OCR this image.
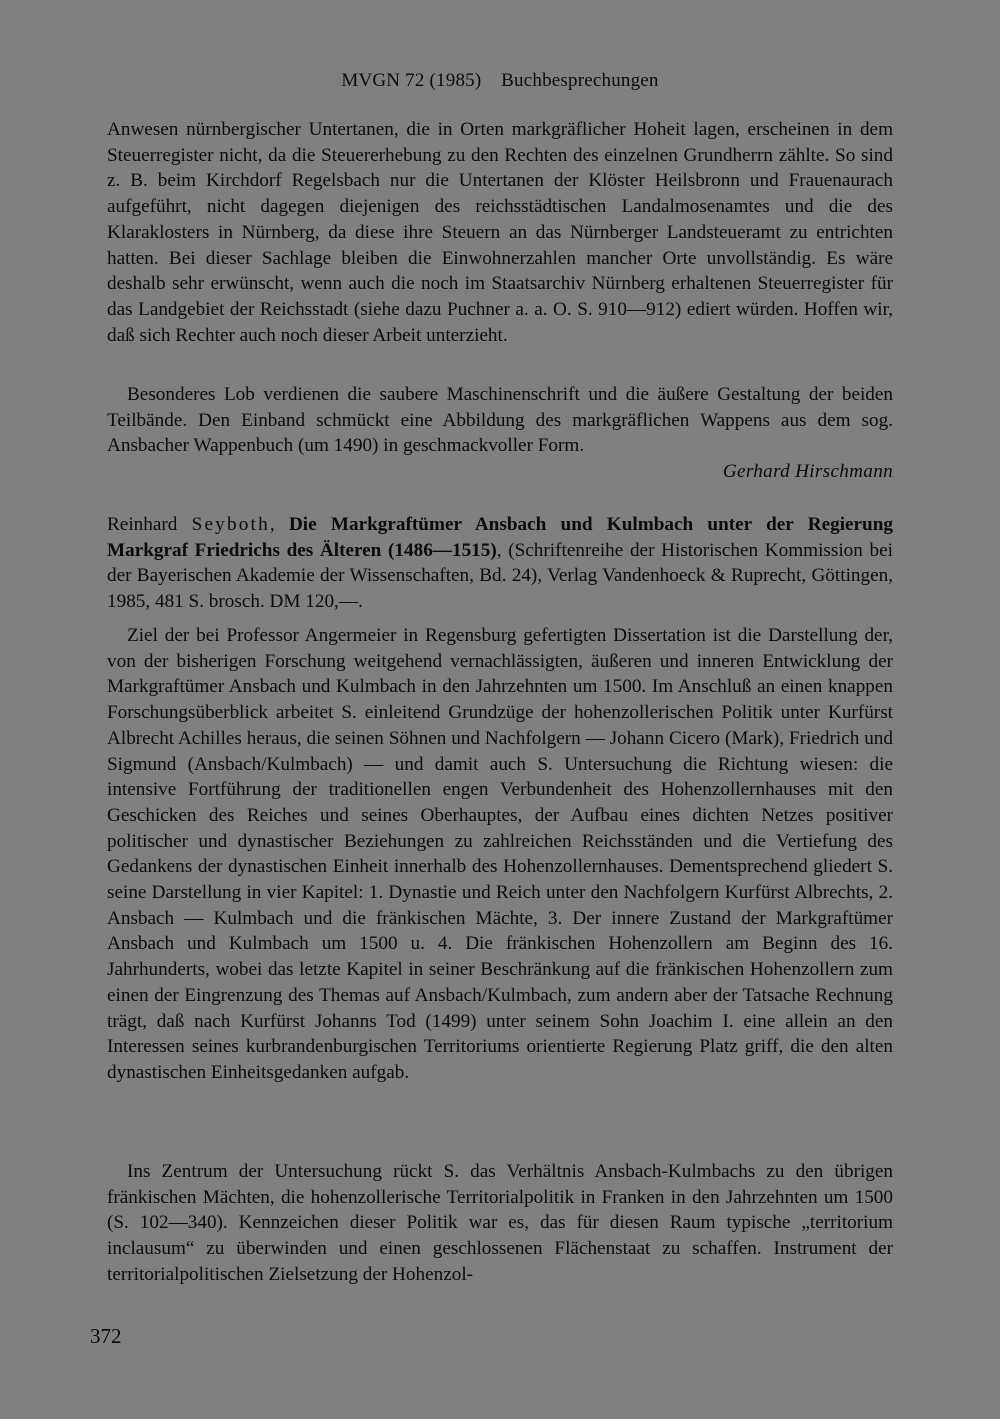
MVGN 72 (1985)    Buchbesprechungen

Anwesen nürnbergischer Untertanen, die in Orten markgräflicher Hoheit lagen, erscheinen in dem Steuerregister nicht, da die Steuererhebung zu den Rechten des einzelnen Grundherrn zählte. So sind z. B. beim Kirchdorf Regelsbach nur die Untertanen der Klöster Heilsbronn und Frauenaurach aufgeführt, nicht dagegen diejenigen des reichsstädtischen Landalmosenamtes und die des Klaraklosters in Nürnberg, da diese ihre Steuern an das Nürnberger Landsteueramt zu entrichten hatten. Bei dieser Sachlage bleiben die Einwohnerzahlen mancher Orte unvollständig. Es wäre deshalb sehr erwünscht, wenn auch die noch im Staatsarchiv Nürnberg erhaltenen Steuerregister für das Landgebiet der Reichsstadt (siehe dazu Puchner a. a. O. S. 910—912) ediert würden. Hoffen wir, daß sich Rechter auch noch dieser Arbeit unterzieht.

Besonderes Lob verdienen die saubere Maschinenschrift und die äußere Gestaltung der beiden Teilbände. Den Einband schmückt eine Abbildung des markgräflichen Wappens aus dem sog. Ansbacher Wappenbuch (um 1490) in geschmackvoller Form.

Gerhard Hirschmann

Reinhard Seyboth, Die Markgraftümer Ansbach und Kulmbach unter der Regierung Markgraf Friedrichs des Älteren (1486—1515), (Schriftenreihe der Historischen Kommission bei der Bayerischen Akademie der Wissenschaften, Bd. 24), Verlag Vandenhoeck & Ruprecht, Göttingen, 1985, 481 S. brosch. DM 120,—.

Ziel der bei Professor Angermeier in Regensburg gefertigten Dissertation ist die Darstellung der, von der bisherigen Forschung weitgehend vernachlässigten, äußeren und inneren Entwicklung der Markgraftümer Ansbach und Kulmbach in den Jahrzehnten um 1500. Im Anschluß an einen knappen Forschungsüberblick arbeitet S. einleitend Grundzüge der hohenzollerischen Politik unter Kurfürst Albrecht Achilles heraus, die seinen Söhnen und Nachfolgern — Johann Cicero (Mark), Friedrich und Sigmund (Ansbach/Kulmbach) — und damit auch S. Untersuchung die Richtung wiesen: die intensive Fortführung der traditionellen engen Verbundenheit des Hohenzollernhauses mit den Geschicken des Reiches und seines Oberhauptes, der Aufbau eines dichten Netzes positiver politischer und dynastischer Beziehungen zu zahlreichen Reichsständen und die Vertiefung des Gedankens der dynastischen Einheit innerhalb des Hohenzollernhauses. Dementsprechend gliedert S. seine Darstellung in vier Kapitel: 1. Dynastie und Reich unter den Nachfolgern Kurfürst Albrechts, 2. Ansbach — Kulmbach und die fränkischen Mächte, 3. Der innere Zustand der Markgraftümer Ansbach und Kulmbach um 1500 u. 4. Die fränkischen Hohenzollern am Beginn des 16. Jahrhunderts, wobei das letzte Kapitel in seiner Beschränkung auf die fränkischen Hohenzollern zum einen der Eingrenzung des Themas auf Ansbach/Kulmbach, zum andern aber der Tatsache Rechnung trägt, daß nach Kurfürst Johanns Tod (1499) unter seinem Sohn Joachim I. eine allein an den Interessen seines kurbrandenburgischen Territoriums orientierte Regierung Platz griff, die den alten dynastischen Einheitsgedanken aufgab.

Ins Zentrum der Untersuchung rückt S. das Verhältnis Ansbach-Kulmbachs zu den übrigen fränkischen Mächten, die hohenzollerische Territorialpolitik in Franken in den Jahrzehnten um 1500 (S. 102—340). Kennzeichen dieser Politik war es, das für diesen Raum typische „territorium inclausum“ zu überwinden und einen geschlossenen Flächenstaat zu schaffen. Instrument der territorialpolitischen Zielsetzung der Hohenzol-

372
